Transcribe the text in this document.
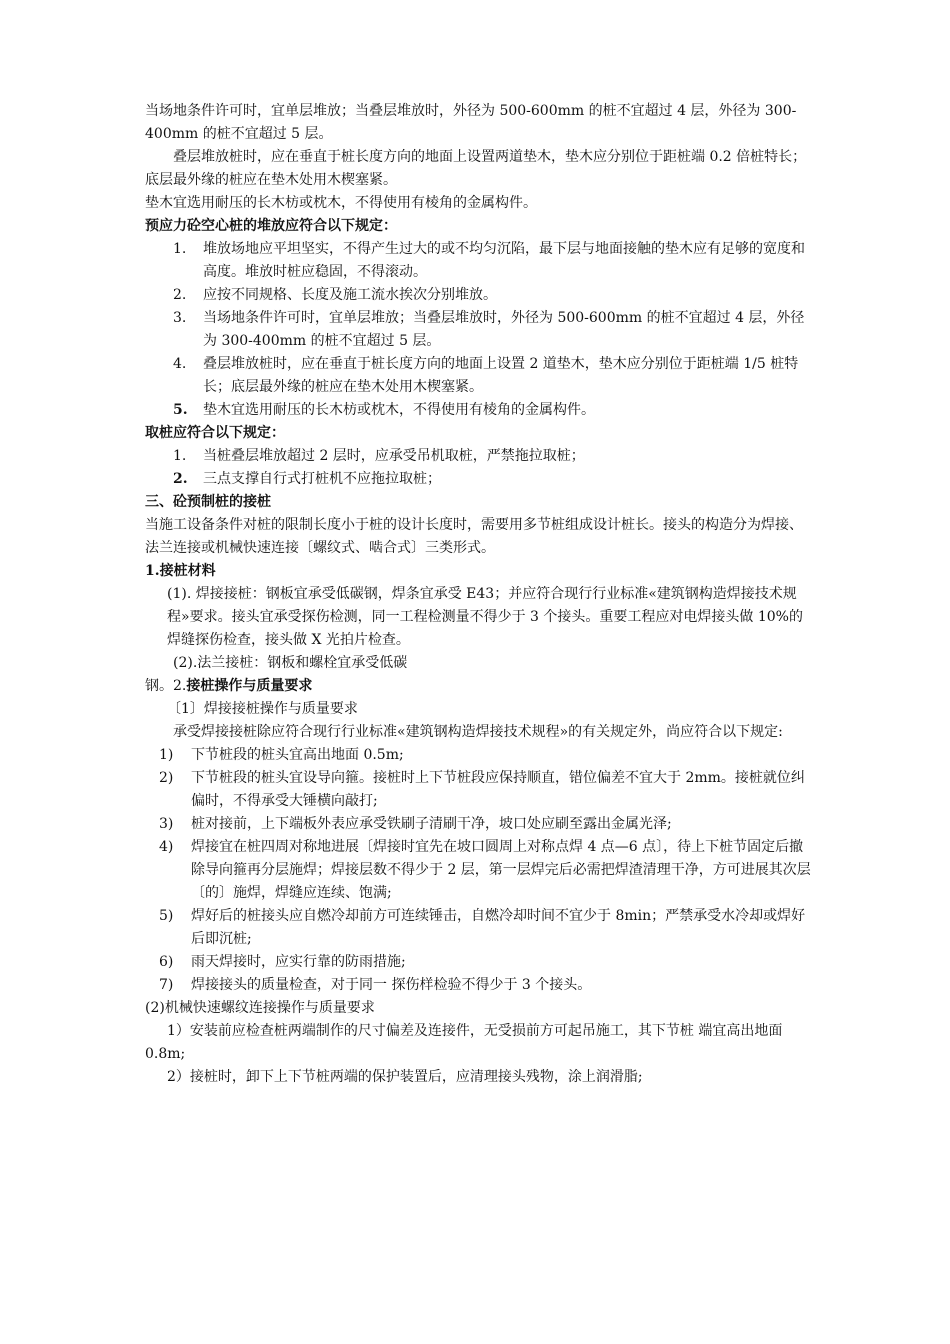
当场地条件许可时，宜单层堆放；当叠层堆放时，外径为 500-600mm 的桩不宜超过 4 层，外径为 300-400mm 的桩不宜超过 5 层。

叠层堆放桩时，应在垂直于桩长度方向的地面上设置两道垫木，垫木应分别位于距桩端 0.2 倍桩特长；底层最外缘的桩应在垫木处用木楔塞紧。

垫木宜选用耐压的长木枋或枕木，不得使用有棱角的金属构件。

预应力砼空心桩的堆放应符合以下规定：

1. 堆放场地应平坦坚实，不得产生过大的或不均匀沉陷，最下层与地面接触的垫木应有足够的宽度和高度。堆放时桩应稳固，不得滚动。
2. 应按不同规格、长度及施工流水挨次分别堆放。
3. 当场地条件许可时，宜单层堆放；当叠层堆放时，外径为 500-600mm 的桩不宜超过 4 层，外径为 300-400mm 的桩不宜超过 5 层。
4. 叠层堆放桩时，应在垂直于桩长度方向的地面上设置 2 道垫木，垫木应分别位于距桩端 1/5 桩特长；底层最外缘的桩应在垫木处用木楔塞紧。
5. 垫木宜选用耐压的长木枋或枕木，不得使用有棱角的金属构件。

取桩应符合以下规定：

1. 当桩叠层堆放超过 2 层时，应承受吊机取桩，严禁拖拉取桩；
2. 三点支撑自行式打桩机不应拖拉取桩；

三、砼预制桩的接桩

当施工设备条件对桩的限制长度小于桩的设计长度时，需要用多节桩组成设计桩长。接头的构造分为焊接、法兰连接或机械快速连接〔螺纹式、啮合式〕三类形式。

1.接桩材料

(1). 焊接接桩：钢板宜承受低碳钢，焊条宜承受 E43；并应符合现行行业标准«建筑钢构造焊接技术规程»要求。接头宜承受探伤检测，同一工程检测量不得少于 3 个接头。重要工程应对电焊接头做 10%的焊缝探伤检查，接头做 X 光拍片检查。

(2).法兰接桩：钢板和螺栓宜承受低碳

钢。2.接桩操作与质量要求

〔1〕焊接接桩操作与质量要求

承受焊接接桩除应符合现行行业标准«建筑钢构造焊接技术规程»的有关规定外，尚应符合以下规定:

1) 下节桩段的桩头宜高出地面 0.5m;
2) 下节桩段的桩头宜设导向箍。接桩时上下节桩段应保持顺直，错位偏差不宜大于 2mm。接桩就位纠偏时，不得承受大锤横向敲打;
3) 桩对接前，上下端板外表应承受铁刷子清刷干净，坡口处应刷至露出金属光泽;
4) 焊接宜在桩四周对称地进展〔焊接时宜先在坡口圆周上对称点焊 4 点—6 点〕，待上下桩节固定后撤除导向箍再分层施焊；焊接层数不得少于 2 层，第一层焊完后必需把焊渣清理干净，方可进展其次层〔的〕施焊，焊缝应连续、饱满;
5) 焊好后的桩接头应自燃冷却前方可连续锤击，自燃冷却时间不宜少于 8min；严禁承受水冷却或焊好后即沉桩;
6) 雨天焊接时，应实行靠的防雨措施;
7) 焊接接头的质量检查，对于同一 探伤样检验不得少于 3 个接头。

(2)机械快速螺纹连接操作与质量要求

1）安装前应检查桩两端制作的尺寸偏差及连接件，无受损前方可起吊施工，其下节桩 端宜高出地面 0.8m;

2）接桩时，卸下上下节桩两端的保护装置后，应清理接头残物，涂上润滑脂;
